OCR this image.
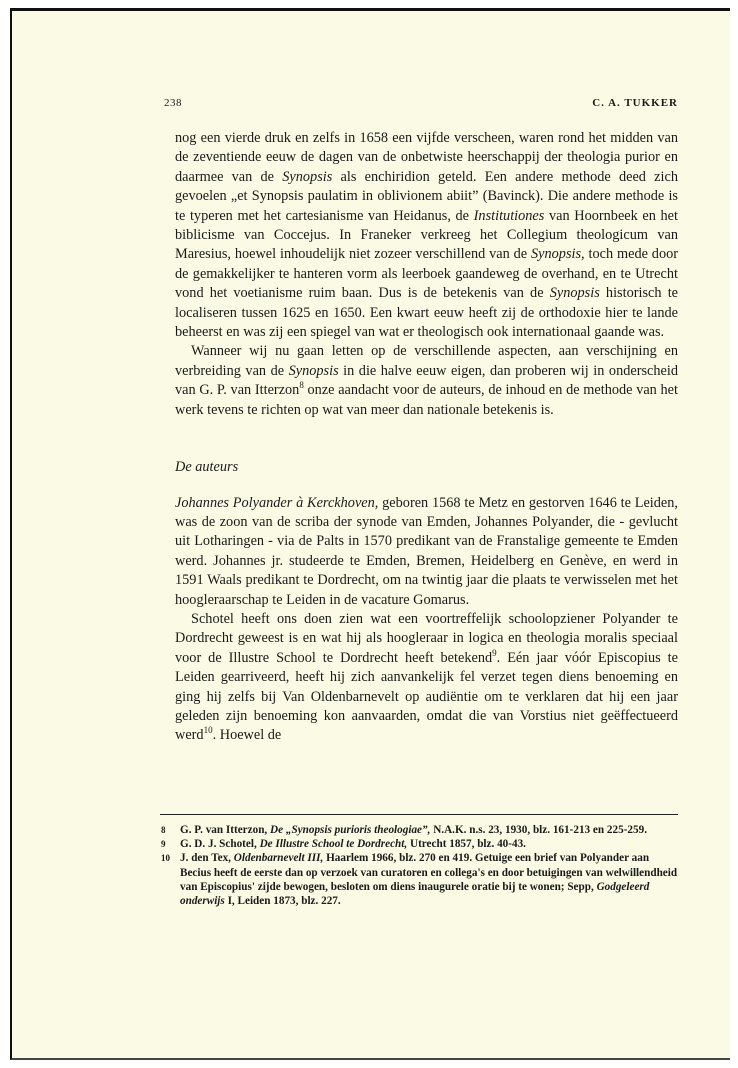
238	C. A. TUKKER

nog een vierde druk en zelfs in 1658 een vijfde verscheen, waren rond het midden van de zeventiende eeuw de dagen van de onbetwiste heerschappij der theologia purior en daarmee van de Synopsis als enchiridion geteld. Een andere methode deed zich gevoelen „et Synopsis paulatim in oblivionem abiit” (Bavinck). Die andere methode is te typeren met het cartesianisme van Heidanus, de Institutiones van Hoornbeek en het biblicisme van Coccejus. In Franeker verkreeg het Collegium theologicum van Maresius, hoewel inhoudelijk niet zozeer verschillend van de Synopsis, toch mede door de gemakkelijker te hanteren vorm als leerboek gaandeweg de overhand, en te Utrecht vond het voetianisme ruim baan. Dus is de betekenis van de Synopsis historisch te localiseren tussen 1625 en 1650. Een kwart eeuw heeft zij de orthodoxie hier te lande beheerst en was zij een spiegel van wat er theologisch ook internationaal gaande was.

Wanneer wij nu gaan letten op de verschillende aspecten, aan verschijning en verbreiding van de Synopsis in die halve eeuw eigen, dan proberen wij in onderscheid van G. P. van Itterzon$^8$ onze aandacht voor de auteurs, de inhoud en de methode van het werk tevens te richten op wat van meer dan nationale betekenis is.

De auteurs

Johannes Polyander à Kerckhoven, geboren 1568 te Metz en gestorven 1646 te Leiden, was de zoon van de scriba der synode van Emden, Johannes Polyander, die - gevlucht uit Lotharingen - via de Palts in 1570 predikant van de Franstalige gemeente te Emden werd. Johannes jr. studeerde te Emden, Bremen, Heidelberg en Genève, en werd in 1591 Waals predikant te Dordrecht, om na twintig jaar die plaats te verwisselen met het hoogleraarschap te Leiden in de vacature Gomarus.

Schotel heeft ons doen zien wat een voortreffelijk schoolopziener Polyander te Dordrecht geweest is en wat hij als hoogleraar in logica en theologia moralis speciaal voor de Illustre School te Dordrecht heeft betekend$^9$. Eén jaar vóór Episcopius te Leiden gearriveerd, heeft hij zich aanvankelijk fel verzet tegen diens benoeming en ging hij zelfs bij Van Oldenbarnevelt op audiëntie om te verklaren dat hij een jaar geleden zijn benoeming kon aanvaarden, omdat die van Vorstius niet geëffectueerd werd$^{10}$. Hoewel de

8	G. P. van Itterzon, De „Synopsis purioris theologiae”, N.A.K. n.s. 23, 1930, blz. 161-213 en 225-259.

9	G. D. J. Schotel, De Illustre School te Dordrecht, Utrecht 1857, blz. 40-43.

10 J. den Tex, Oldenbarnevelt III, Haarlem 1966, blz. 270 en 419. Getuige een brief van Polyander aan Becius heeft de eerste dan op verzoek van curatoren en collega's en door betuigingen van welwillendheid van Episcopius' zijde bewogen, besloten om diens inaugurele oratie bij te wonen; Sepp, Godgeleerd onderwijs I, Leiden 1873, blz. 227.
